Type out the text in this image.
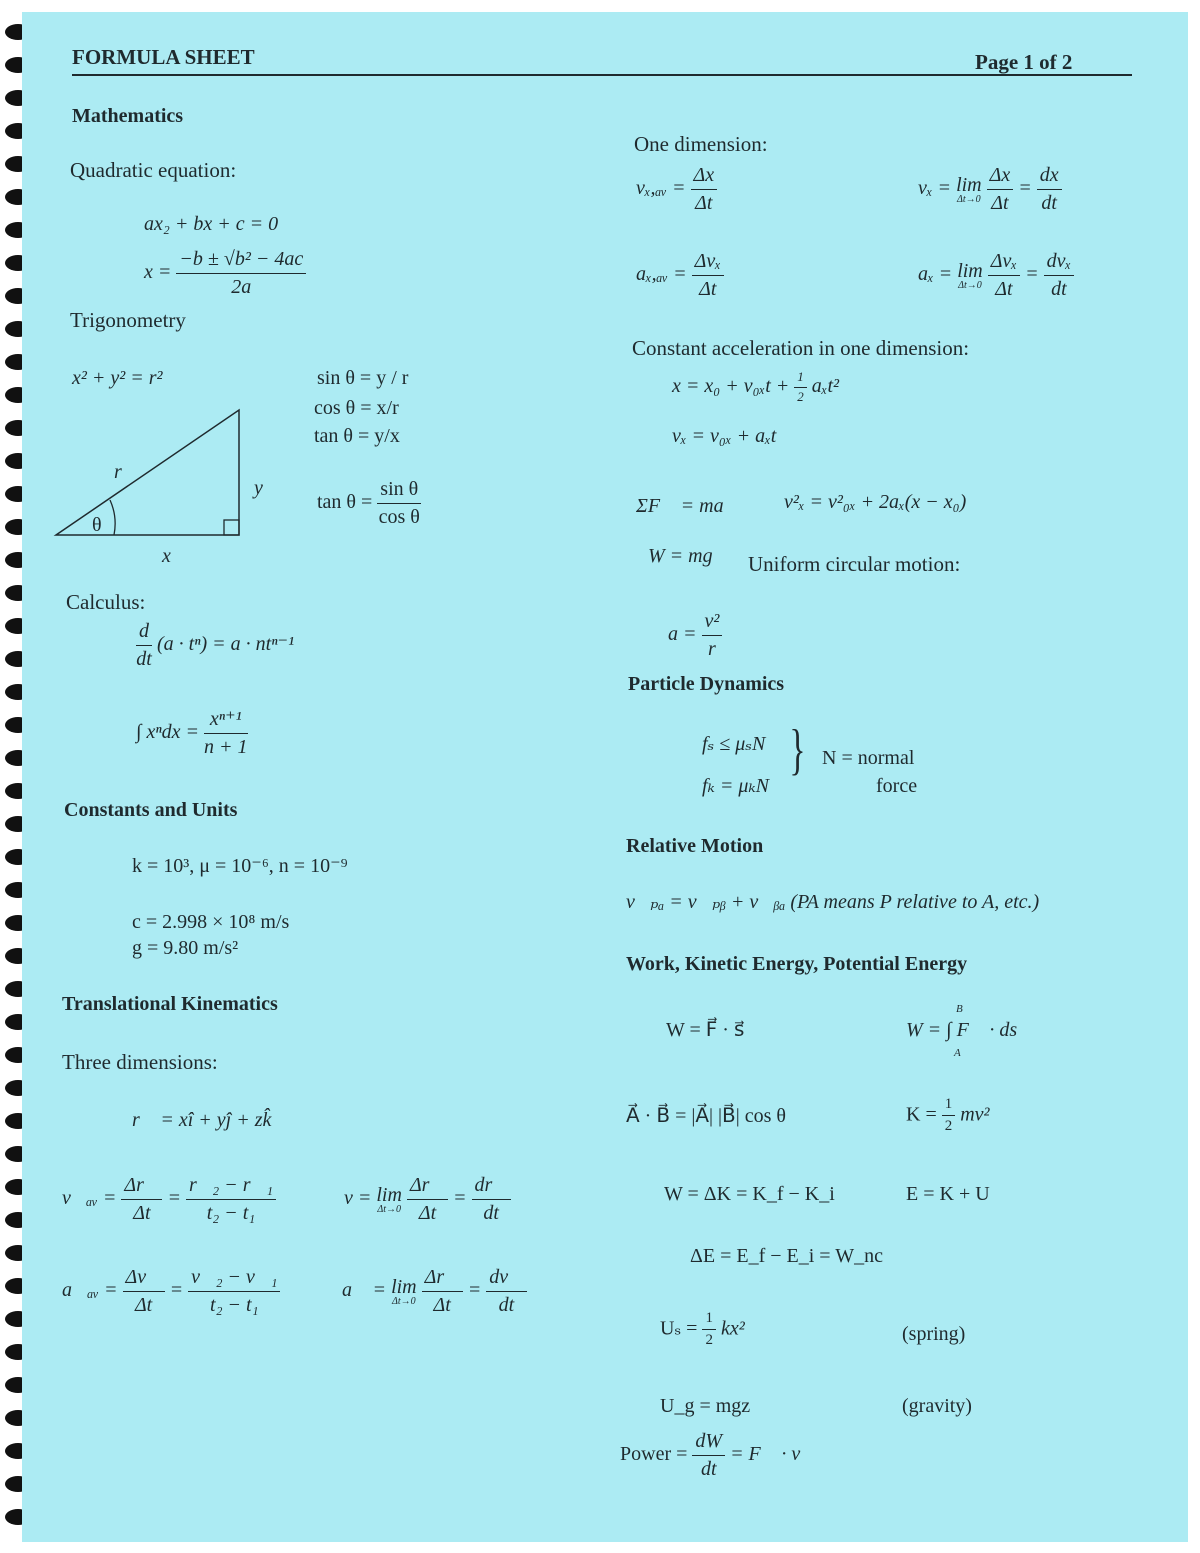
FORMULA SHEET	Page 1 of 2
Mathematics
Quadratic equation:
ax₂ + bx + c = 0
$x = \frac{\text{−b ± √b² − 4ac}}{2a}$
Trigonometry
x² + y² = r²	sin θ = y / r
cos θ = x/r
tan θ = y/x
$\tan \theta = \frac{\text{sin θ}}{\text{cos θ}}$
r
y
x
θ
Calculus:
$\frac{d}{dt} (a \cdot t^n) = a \cdot nt^{n-1}$
∫ $x^ndx = \frac{\text{xⁿ⁺¹}}{n + 1}$
Constants and Units
k = 10³, μ = 10⁻⁶, n = 10⁻⁹
c = 2.998 × 10⁸ m/s
g = 9.80 m/s²
Translational Kinematics
Three dimensions:
r⃗ = xî + yĵ + zk̂
v⃗ₐᵥ = $\frac{\Delta r⃗}{\Delta t} = \frac{\text{r⃗₂ − r⃗₁}}{\text{t₂ − t₁}}$	v = lim
Δt→0
$\frac{\Delta r⃗}{\Delta t} = \frac{dr⃗}{dt}$
a⃗ₐᵥ = $\frac{\Delta v⃗}{\Delta t} = \frac{\text{v⃗₂ − v⃗₁}}{\text{t₂ − t₁}}$	a⃗ = lim
Δt→0
$\frac{\Delta r⃗}{\Delta t} = \frac{dv⃗}{dt}$
One dimension:
vₓ,ₐᵥ = $\frac{\Delta x}{\Delta t}$	vₓ = lim
Δt→0
$\frac{\Delta x}{\Delta t} = \frac{dx}{dt}$
aₓ,ₐᵥ = $\frac{\text{Δvₓ}}{\Delta t}$	aₓ = lim
Δt→0
$\frac{\text{Δvₓ}}{\Delta t} = \frac{\text{dvₓ}}{dt}$
Constant acceleration in one dimension:
$x = x_0 + v_{0x}t + \frac{1}{2} a_xt^2$
vₓ = v₀ₓ + aₓt
ΣF⃗ = ma⃗ v²ₓ = v²₀ₓ + 2aₓ(x − x₀)
W = mg Uniform circular motion:
$a = \frac{\text{v²}}{r}$
Particle Dynamics
fₛ ≤ μₛN
fₖ = μₖN
} N = normal
force
Relative Motion
v⃗ₚₐ = v⃗ₚᵦ + v⃗ᵦₐ (PA means P relative to A, etc.)
Work, Kinetic Energy, Potential Energy
W = F⃗ · s⃗	W = ∫ F⃗ · ds⃗
B
A
A⃗ · B⃗ = |A⃗| |B⃗| cos θ	$K = \frac{1}{2} mv^2$
W = ΔK = K_f − K_i	E = K + U
ΔE = E_f − E_i = W_nc
$U_s = \frac{1}{2} kx^2$	(spring)
U_g = mgz	(gravity)
Power = $\frac{dW}{dt}$ = F⃗ · v⃗
